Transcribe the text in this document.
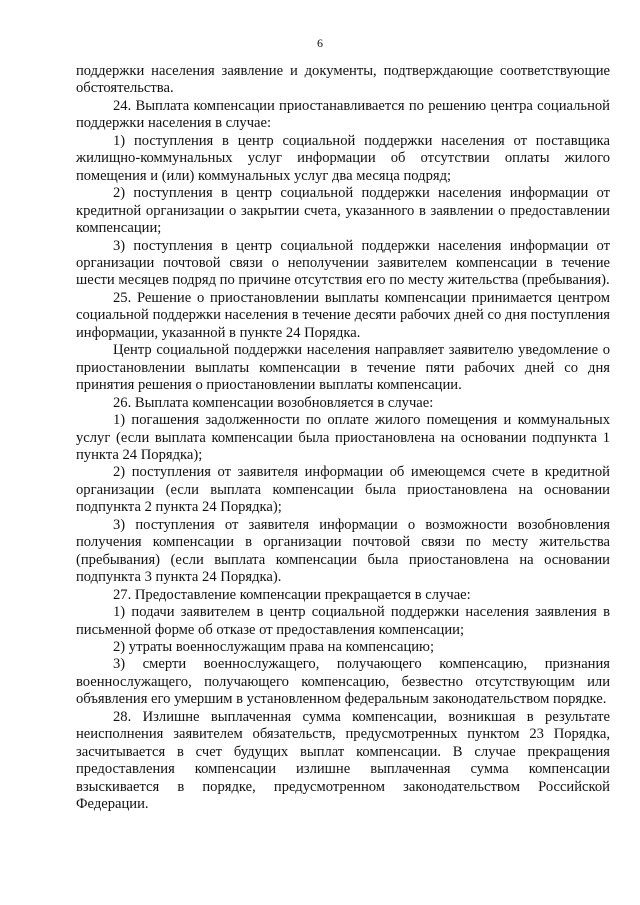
6

поддержки населения заявление и документы, подтверждающие соответствующие обстоятельства.

24. Выплата компенсации приостанавливается по решению центра социальной поддержки населения в случае:

1) поступления в центр социальной поддержки населения от поставщика жилищно-коммунальных услуг информации об отсутствии оплаты жилого помещения и (или) коммунальных услуг два месяца подряд;

2) поступления в центр социальной поддержки населения информации от кредитной организации о закрытии счета, указанного в заявлении о предоставлении компенсации;

3) поступления в центр социальной поддержки населения информации от организации почтовой связи о неполучении заявителем компенсации в течение шести месяцев подряд по причине отсутствия его по месту жительства (пребывания).

25. Решение о приостановлении выплаты компенсации принимается центром социальной поддержки населения в течение десяти рабочих дней со дня поступления информации, указанной в пункте 24 Порядка.

Центр социальной поддержки населения направляет заявителю уведомление о приостановлении выплаты компенсации в течение пяти рабочих дней со дня принятия решения о приостановлении выплаты компенсации.

26. Выплата компенсации возобновляется в случае:

1) погашения задолженности по оплате жилого помещения и коммунальных услуг (если выплата компенсации была приостановлена на основании подпункта 1 пункта 24 Порядка);

2) поступления от заявителя информации об имеющемся счете в кредитной организации (если выплата компенсации была приостановлена на основании подпункта 2 пункта 24 Порядка);

3) поступления от заявителя информации о возможности возобновления получения компенсации в организации почтовой связи по месту жительства (пребывания) (если выплата компенсации была приостановлена на основании подпункта 3 пункта 24 Порядка).

27. Предоставление компенсации прекращается в случае:

1) подачи заявителем в центр социальной поддержки населения заявления в письменной форме об отказе от предоставления компенсации;

2) утраты военнослужащим права на компенсацию;

3) смерти военнослужащего, получающего компенсацию, признания военнослужащего, получающего компенсацию, безвестно отсутствующим или объявления его умершим в установленном федеральным законодательством порядке.

28. Излишне выплаченная сумма компенсации, возникшая в результате неисполнения заявителем обязательств, предусмотренных пунктом 23 Порядка, засчитывается в счет будущих выплат компенсации. В случае прекращения предоставления компенсации излишне выплаченная сумма компенсации взыскивается в порядке, предусмотренном законодательством Российской Федерации.
